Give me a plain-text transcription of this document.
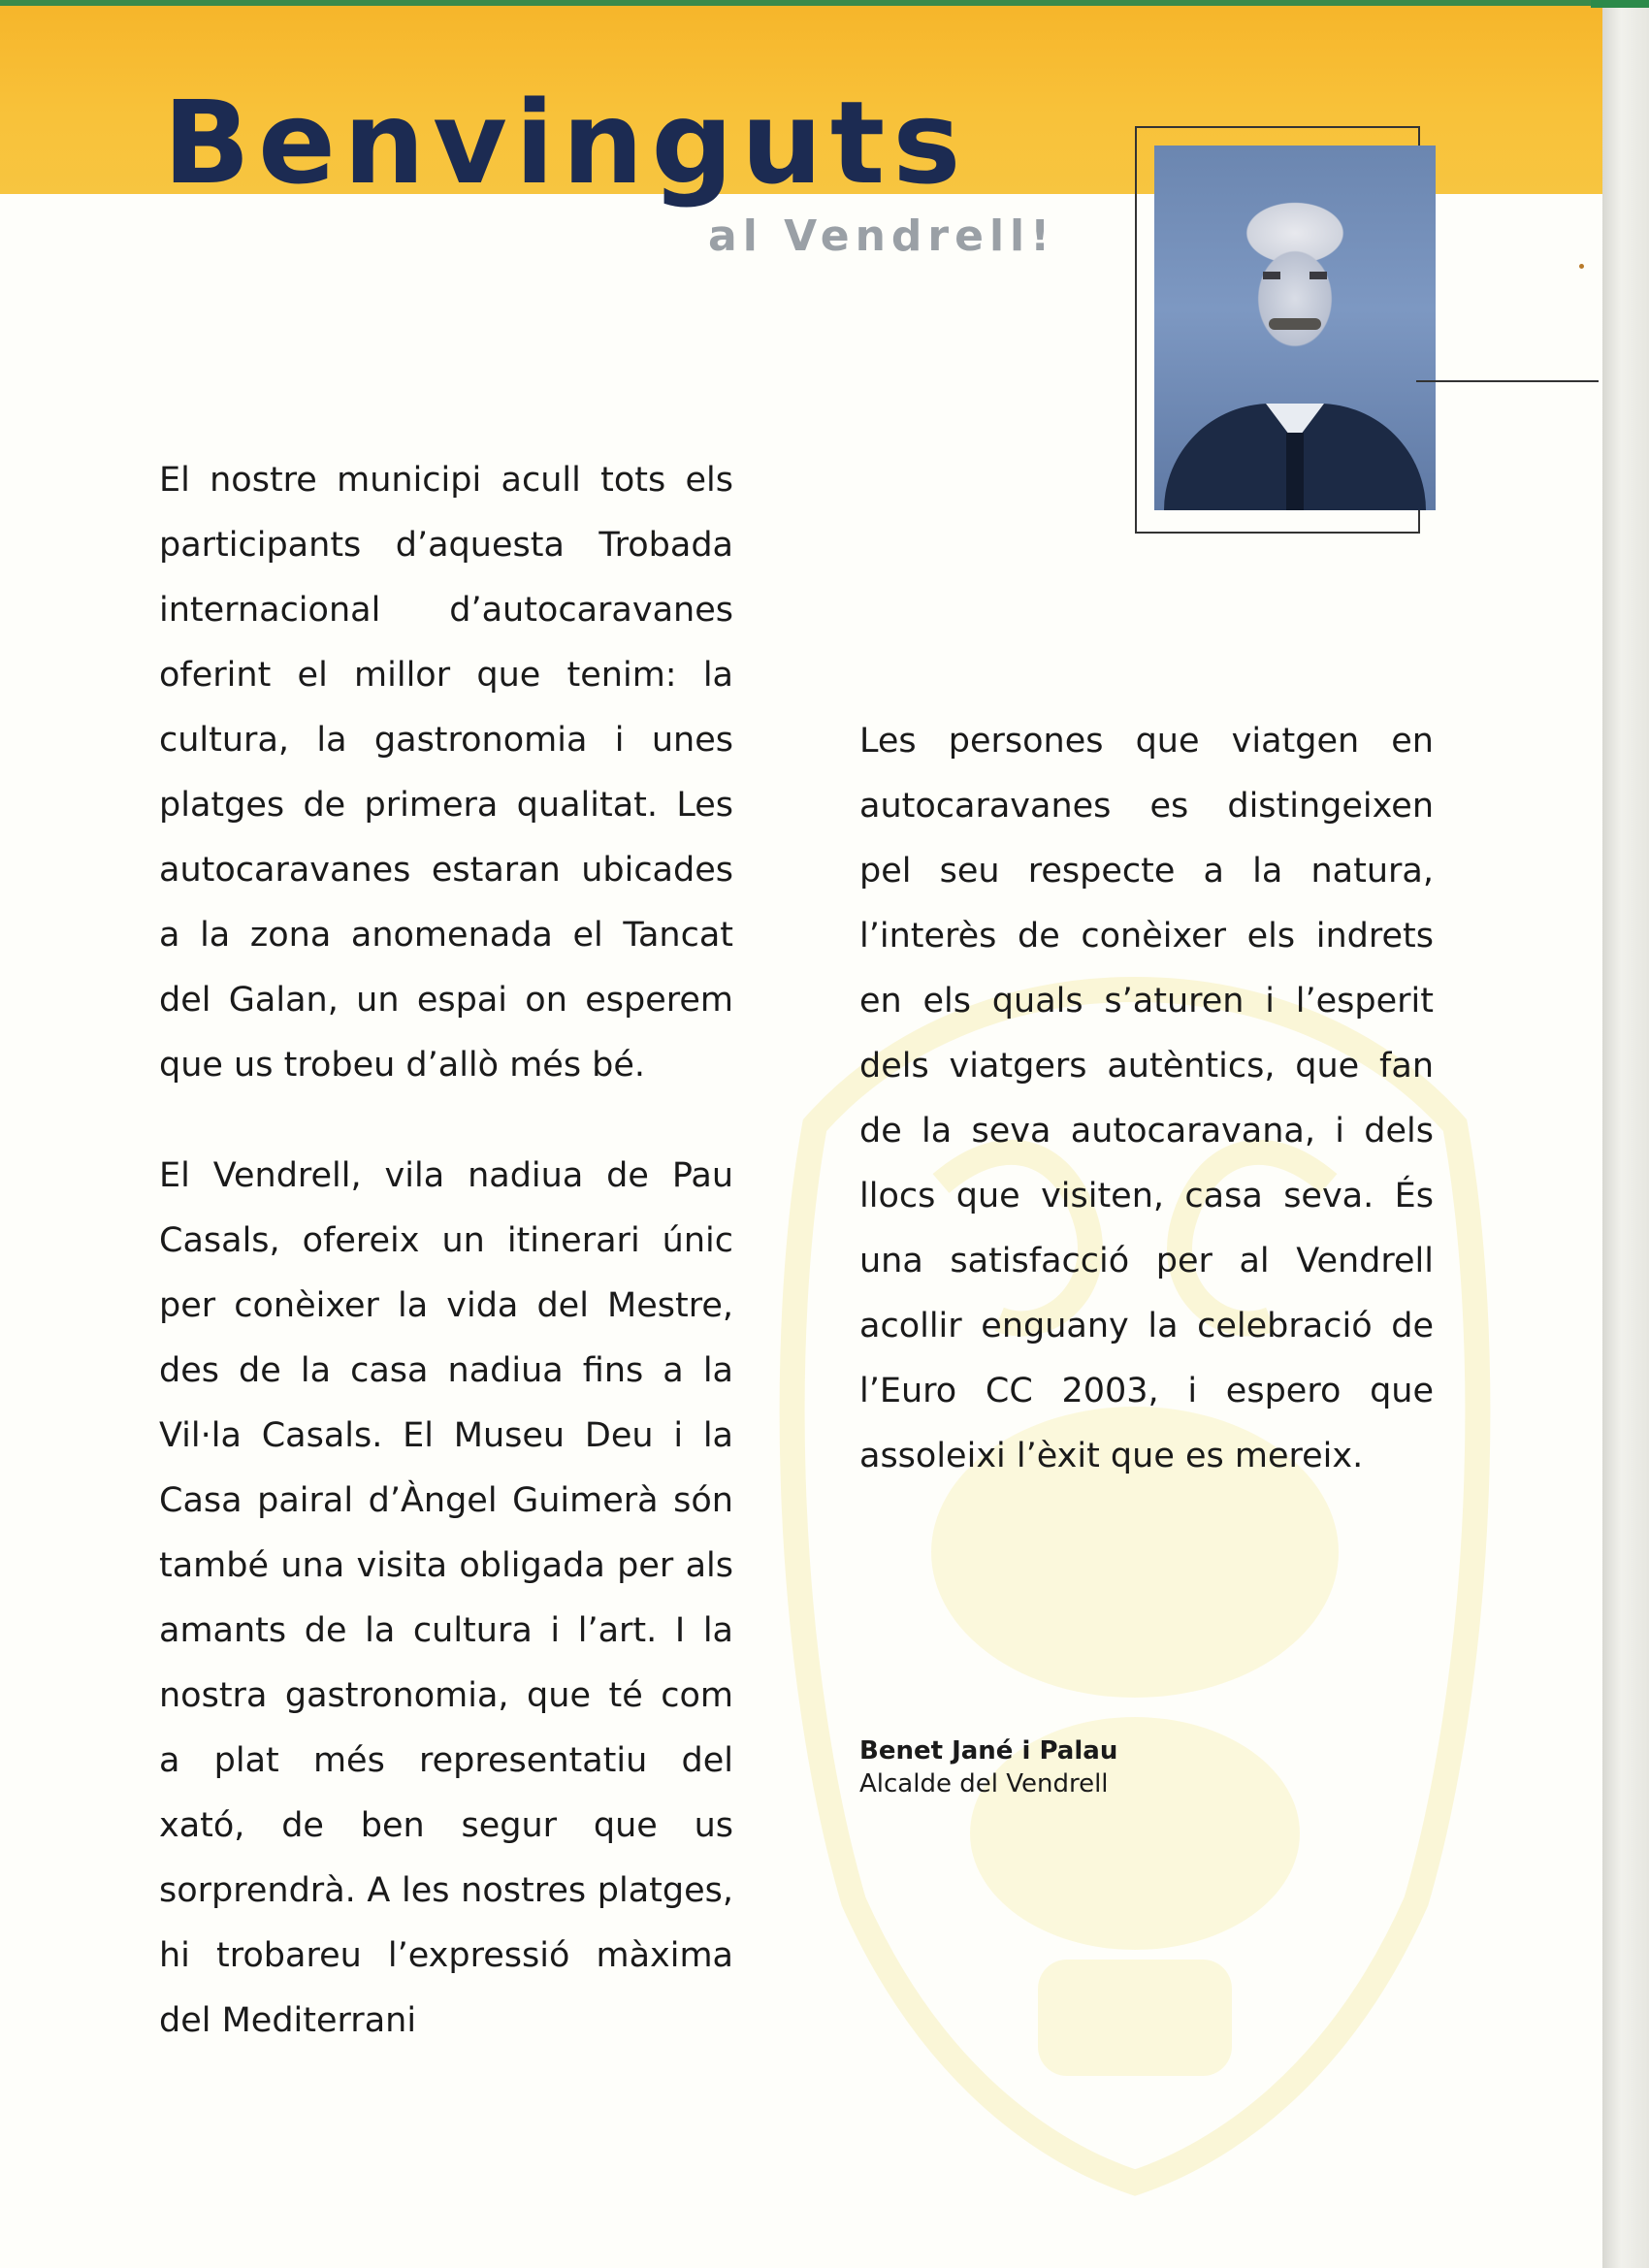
Benvinguts
al Vendrell!

El nostre municipi acull tots els participants d’aquesta Trobada internacional d’autocaravanes oferint el millor que tenim: la cultura, la gastronomia i unes platges de primera qualitat. Les autocaravanes estaran ubicades a la zona anomenada el Tancat del Galan, un espai on esperem que us trobeu d’allò més bé.

El Vendrell, vila nadiua de Pau Casals, ofereix un itinerari únic per conèixer la vida del Mestre, des de la casa nadiua fins a la Vil·la Casals. El Museu Deu i la Casa pairal d’Àngel Guimerà són també una visita obligada per als amants de la cultura i l’art. I la nostra gastronomia, que té com a plat més representatiu del xató, de ben segur que us sorprendrà. A les nostres platges, hi trobareu l’expressió màxima del Mediterrani

Les persones que viatgen en autocaravanes es distingeixen pel seu respecte a la natura, l’interès de conèixer els indrets en els quals s’aturen i l’esperit dels viatgers autèntics, que fan de la seva autocaravana, i dels llocs que visiten, casa seva. És una satisfacció per al Vendrell acollir enguany la celebració de l’Euro CC 2003, i espero que assoleixi l’èxit que es mereix.

Benet Jané i Palau
Alcalde del Vendrell
